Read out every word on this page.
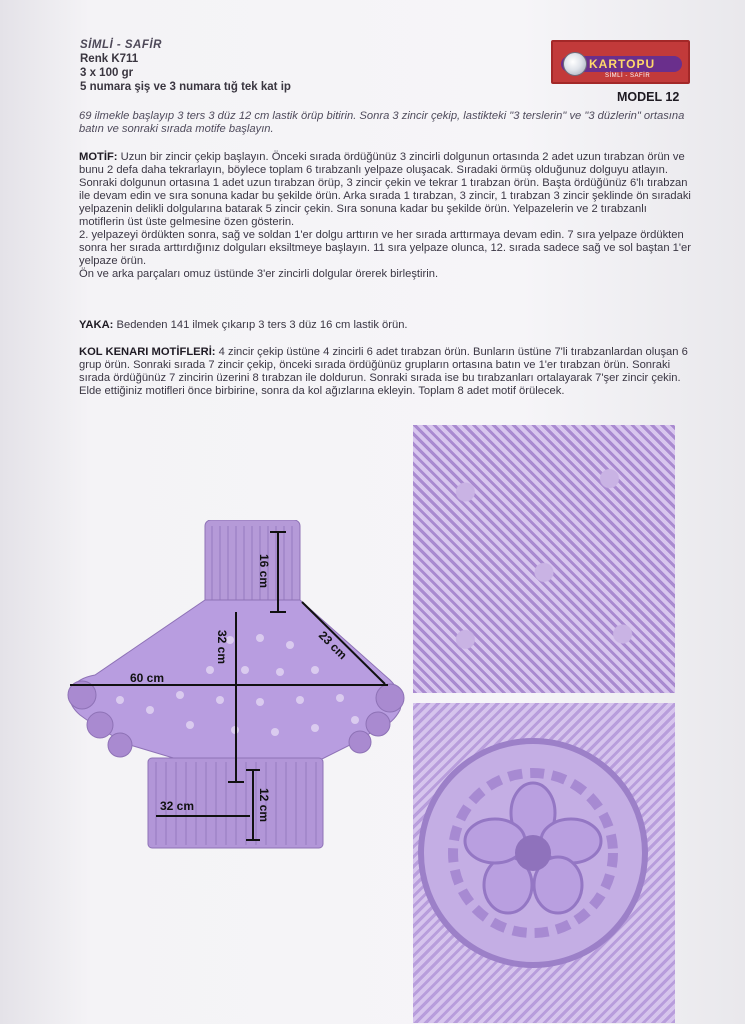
SİMLİ - SAFİR
Renk K711
3 x 100 gr
5 numara şiş ve 3 numara tığ tek kat ip
KARTOPU
SİMLİ - SAFİR
MODEL 12
69 ilmekle başlayıp 3 ters 3 düz 12 cm lastik örüp bitirin. Sonra 3 zincir çekip, lastikteki "3 terslerin" ve "3 düzlerin" ortasına batın ve sonraki sırada motife başlayın.
MOTİF: Uzun bir zincir çekip başlayın. Önceki sırada ördüğünüz 3 zincirli dolgunun ortasında 2 adet uzun tırabzan örün ve bunu 2 defa daha tekrarlayın, böylece toplam 6 tırabzanlı yelpaze oluşacak. Sıradaki örmüş olduğunuz dolguyu atlayın. Sonraki dolgunun ortasına 1 adet uzun tırabzan örüp, 3 zincir çekin ve tekrar 1 tırabzan örün. Başta ördüğünüz 6'lı tırabzan ile devam edin ve sıra sonuna kadar bu şekilde örün. Arka sırada 1 tırabzan, 3 zincir, 1 tırabzan 3 zincir şeklinde ön sıradaki yelpazenin delikli dolgularına batarak 5 zincir çekin. Sıra sonuna kadar bu şekilde örün. Yelpazelerin ve 2 tırabzanlı motiflerin üst üste gelmesine özen gösterin.
2. yelpazeyi ördükten sonra, sağ ve soldan 1'er dolgu arttırın ve her sırada arttırmaya devam edin. 7 sıra yelpaze ördükten sonra her sırada arttırdığınız dolguları eksiltmeye başlayın. 11 sıra yelpaze olunca, 12. sırada sadece sağ ve sol baştan 1'er yelpaze örün.
Ön ve arka parçaları omuz üstünde 3'er zincirli dolgular örerek birleştirin.
YAKA: Bedenden 141 ilmek çıkarıp 3 ters 3 düz 16 cm lastik örün.
KOL KENARI MOTİFLERİ: 4 zincir çekip üstüne 4 zincirli 6 adet tırabzan örün. Bunların üstüne 7'li tırabzanlardan oluşan 6 grup örün. Sonraki sırada 7 zincir çekip, önceki sırada ördüğünüz grupların ortasına batın ve 1'er tırabzan örün. Sonraki sırada ördüğünüz 7 zincirin üzerini 8 tırabzan ile doldurun. Sonraki sırada ise bu tırabzanları ortalayarak 7'şer zincir çekin. Elde ettiğiniz motifleri önce birbirine, sonra da kol ağızlarına ekleyin. Toplam 8 adet motif örülecek.
16 cm
32 cm	23 cm
60 cm
32 cm	12 cm
